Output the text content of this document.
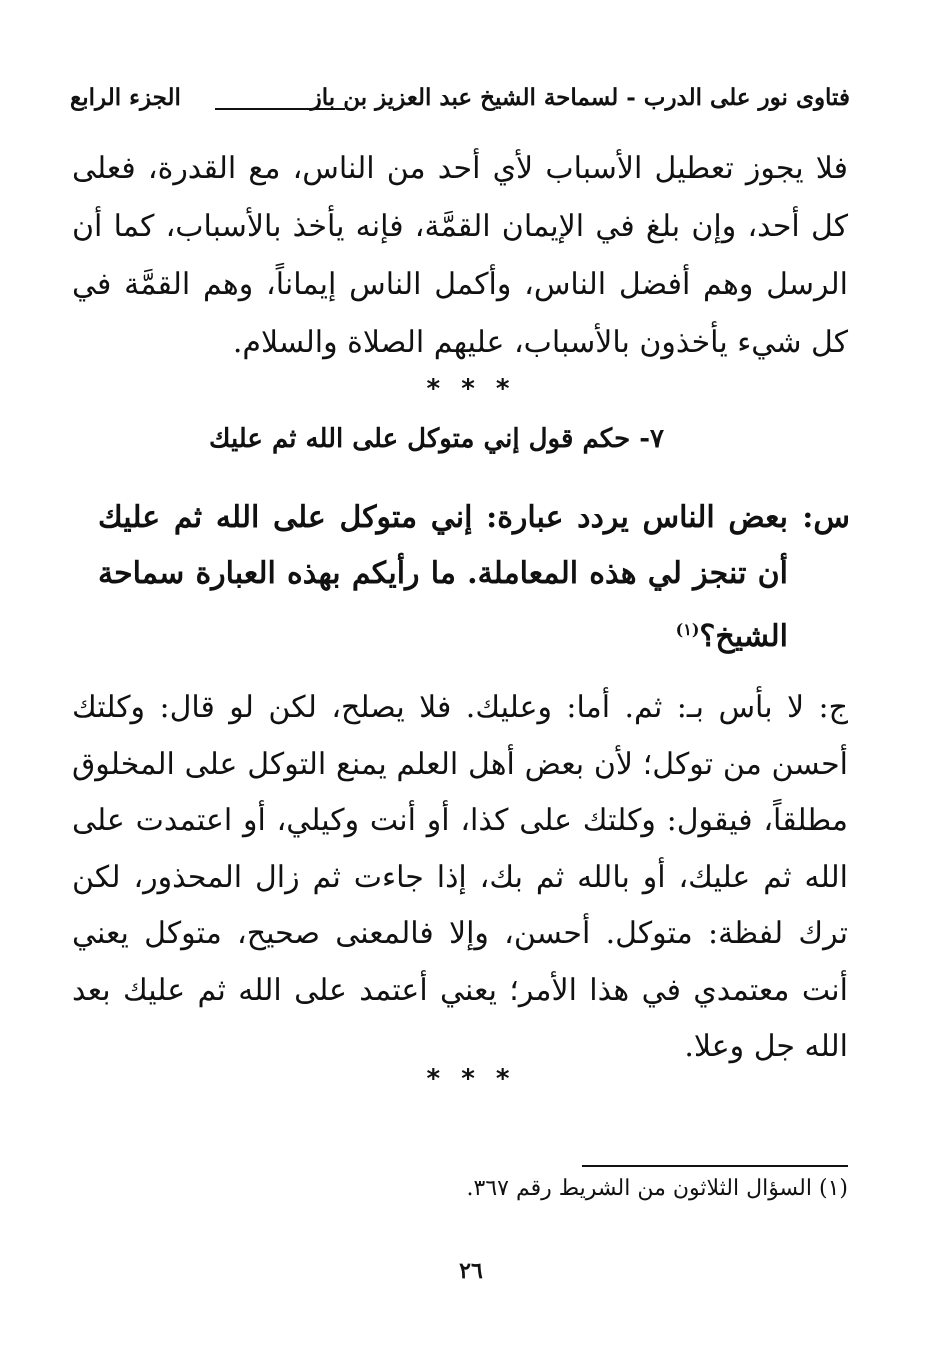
فتاوى نور على الدرب - لسماحة الشيخ عبد العزيز بن باز
الجزء الرابع

فلا يجوز تعطيل الأسباب لأي أحد من الناس، مع القدرة، فعلى كل أحد، وإن بلغ في الإيمان القمَّة، فإنه يأخذ بالأسباب، كما أن الرسل وهم أفضل الناس، وأكمل الناس إيماناً، وهم القمَّة في كل شيء يأخذون بالأسباب، عليهم الصلاة والسلام.

* * *
٧- حكم قول إني متوكل على الله ثم عليك
س:
بعض الناس يردد عبارة: إني متوكل على الله ثم عليك أن تنجز لي هذه المعاملة. ما رأيكم بهذه العبارة سماحة الشيخ؟$^{(١)}$

ج: لا بأس بـ: ثم. أما: وعليك. فلا يصلح، لكن لو قال: وكلتك أحسن من توكل؛ لأن بعض أهل العلم يمنع التوكل على المخلوق مطلقاً، فيقول: وكلتك على كذا، أو أنت وكيلي، أو اعتمدت على الله ثم عليك، أو بالله ثم بك، إذا جاءت ثم زال المحذور، لكن ترك لفظة: متوكل. أحسن، وإلا فالمعنى صحيح، متوكل يعني أنت معتمدي في هذا الأمر؛ يعني أعتمد على الله ثم عليك بعد الله جل وعلا.

* * *
(١) السؤال الثلاثون من الشريط رقم ٣٦٧.
٢٦
